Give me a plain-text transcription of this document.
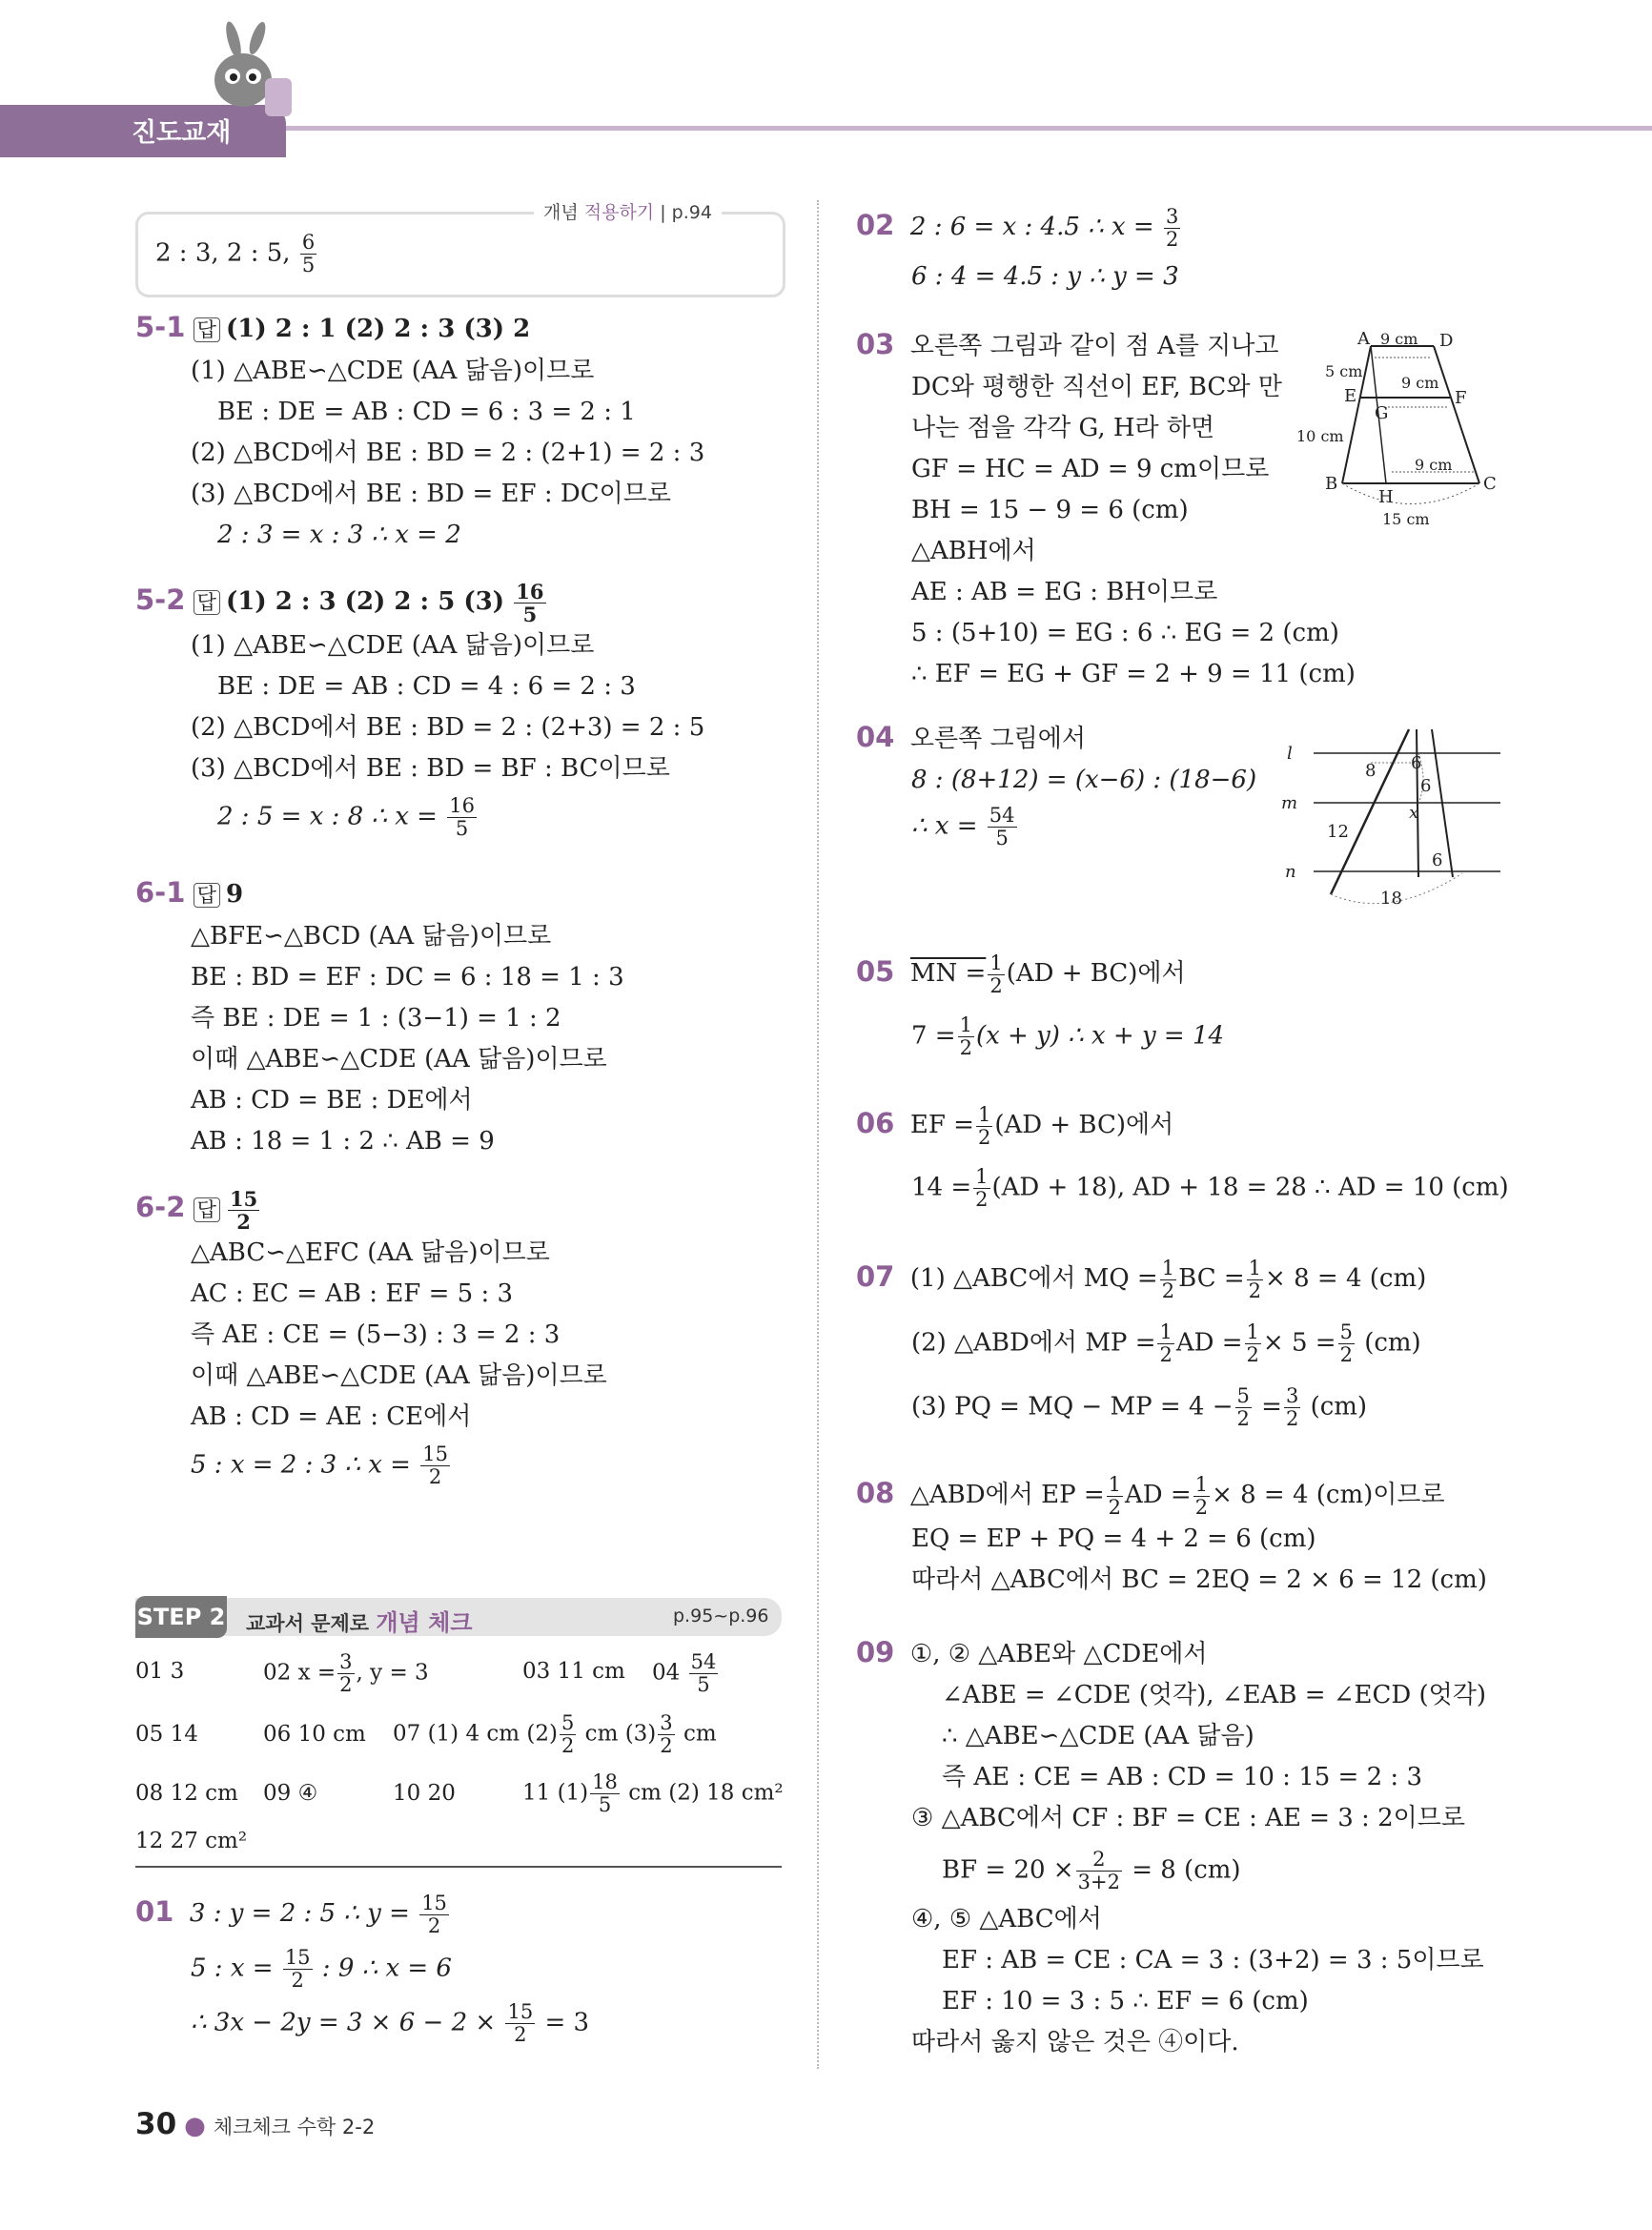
진도교재
개념 적용하기 | p.94
2 : 3, 2 : 5, $\frac{6}{5}$
5-1 답 (1) 2 : 1 (2) 2 : 3 (3) 2
(1) △ABE∽△CDE (AA 닮음)이므로
BE : DE = AB : CD = 6 : 3 = 2 : 1
(2) △BCD에서 BE : BD = 2 : (2+1) = 2 : 3
(3) △BCD에서 BE : BD = EF : DC이므로
2 : 3 = x : 3 ∴ x = 2
5-2 답 (1) 2 : 3 (2) 2 : 5 $(3) \frac{16}{5}$
(1) △ABE∽△CDE (AA 닮음)이므로
BE : DE = AB : CD = 4 : 6 = 2 : 3
(2) △BCD에서 BE : BD = 2 : (2+3) = 2 : 5
(3) △BCD에서 BE : BD = BF : BC이므로
2 : 5 = x : 8 ∴ $x = \frac{16}{5}$
6-1 답 9
△BFE∽△BCD (AA 닮음)이므로
BE : BD = EF : DC = 6 : 18 = 1 : 3
즉 BE : DE = 1 : (3−1) = 1 : 2
이때 △ABE∽△CDE (AA 닮음)이므로
AB : CD = BE : DE에서
AB : 18 = 1 : 2 ∴ AB = 9
6-2 답 $\frac{15}{2}$
△ABC∽△EFC (AA 닮음)이므로
AC : EC = AB : EF = 5 : 3
즉 AE : CE = (5−3) : 3 = 2 : 3
이때 △ABE∽△CDE (AA 닮음)이므로
AB : CD = AE : CE에서
5 : x = 2 : 3 ∴ $x = \frac{15}{2}$
STEP 2 교과서 문제로 개념 체크	p.95~p.96
01 3	02 $x = \frac{3}{2}$ , y = 3	03 11 cm $04 \frac{54}{5}$
05 14	06 10 cm 07 (1) 4 cm $(2) \frac{5}{2}$ cm $(3) \frac{3}{2}$ cm
08 12 cm 09 ④	10 20	11 $(1) \frac{18}{5}$ cm (2) 18 cm²
12 27 cm²
01 3 : y = 2 : 5 ∴ $y = \frac{15}{2}$
5 : $x = \frac{15}{2}$ : 9 ∴ x = 6
∴ $3x - 2y = 3 \times 6 - 2 \times \frac{15}{2} = 3$
02 2 : 6 = x : 4.5 ∴ $x = \frac{3}{2}$
6 : 4 = 4.5 : y ∴ y = 3
03 오른쪽 그림과 같이 점 A를 지나고
DC와 평행한 직선이 EF, BC와 만
나는 점을 각각 G, H라 하면
GF = HC = AD = 9 cm이므로
BH = 15 − 9 = 6 (cm)
△ABH에서
AE : AB = EG : BH이므로
5 : (5+10) = EG : 6 ∴ EG = 2 (cm)
∴ EF = EG + GF = 2 + 9 = 11 (cm)
A	D
B	C
E	F
G
H
9 cm
9 cm
9 cm
5 cm
10 cm
15 cm
04 오른쪽 그림에서
8 : (8+12) = (x−6) : (18−6)
∴ $x = \frac{54}{5}$
l
m
n
8 6
6
x
12
6
18
05 MN = $\frac{1}{2} (AD + BC)$에서
$7 = \frac{1}{2} (x + y)$ ∴ x + y = 14
06 EF = $\frac{1}{2} (AD + BC)$에서
$14 = \frac{1}{2} (AD + 18)$, AD + 18 = 28 ∴ AD = 10 (cm)
07 (1) △ABC에서 MQ = $\frac{1}{2}$ BC = $\frac{1}{2} \times 8 = 4$ (cm)
(2) △ABD에서 MP = $\frac{1}{2}$ AD = $\frac{1}{2} \times 5 = \frac{5}{2} (cm)$
(3) PQ = MQ − MP = $4 - \frac{5}{2} = \frac{3}{2} (cm)$
08 △ABD에서 EP = $\frac{1}{2}$ AD = $\frac{1}{2} \times 8 = 4$ (cm)이므로
EQ = EP + PQ = 4 + 2 = 6 (cm)
따라서 △ABC에서 BC = 2EQ = 2 × 6 = 12 (cm)
09 ①, ② △ABE와 △CDE에서
∠ABE = ∠CDE (엇각), ∠EAB = ∠ECD (엇각)
∴ △ABE∽△CDE (AA 닮음)
즉 AE : CE = AB : CD = 10 : 15 = 2 : 3
③ △ABC에서 CF : BF = CE : AE = 3 : 2이므로
BF = $20 \times \frac{2}{3+2} = 8$ (cm)
④, ⑤ △ABC에서
EF : AB = CE : CA = 3 : (3+2) = 3 : 5이므로
EF : 10 = 3 : 5 ∴ EF = 6 (cm)
따라서 옳지 않은 것은 ④이다.
30 ● 체크체크 수학 2-2
